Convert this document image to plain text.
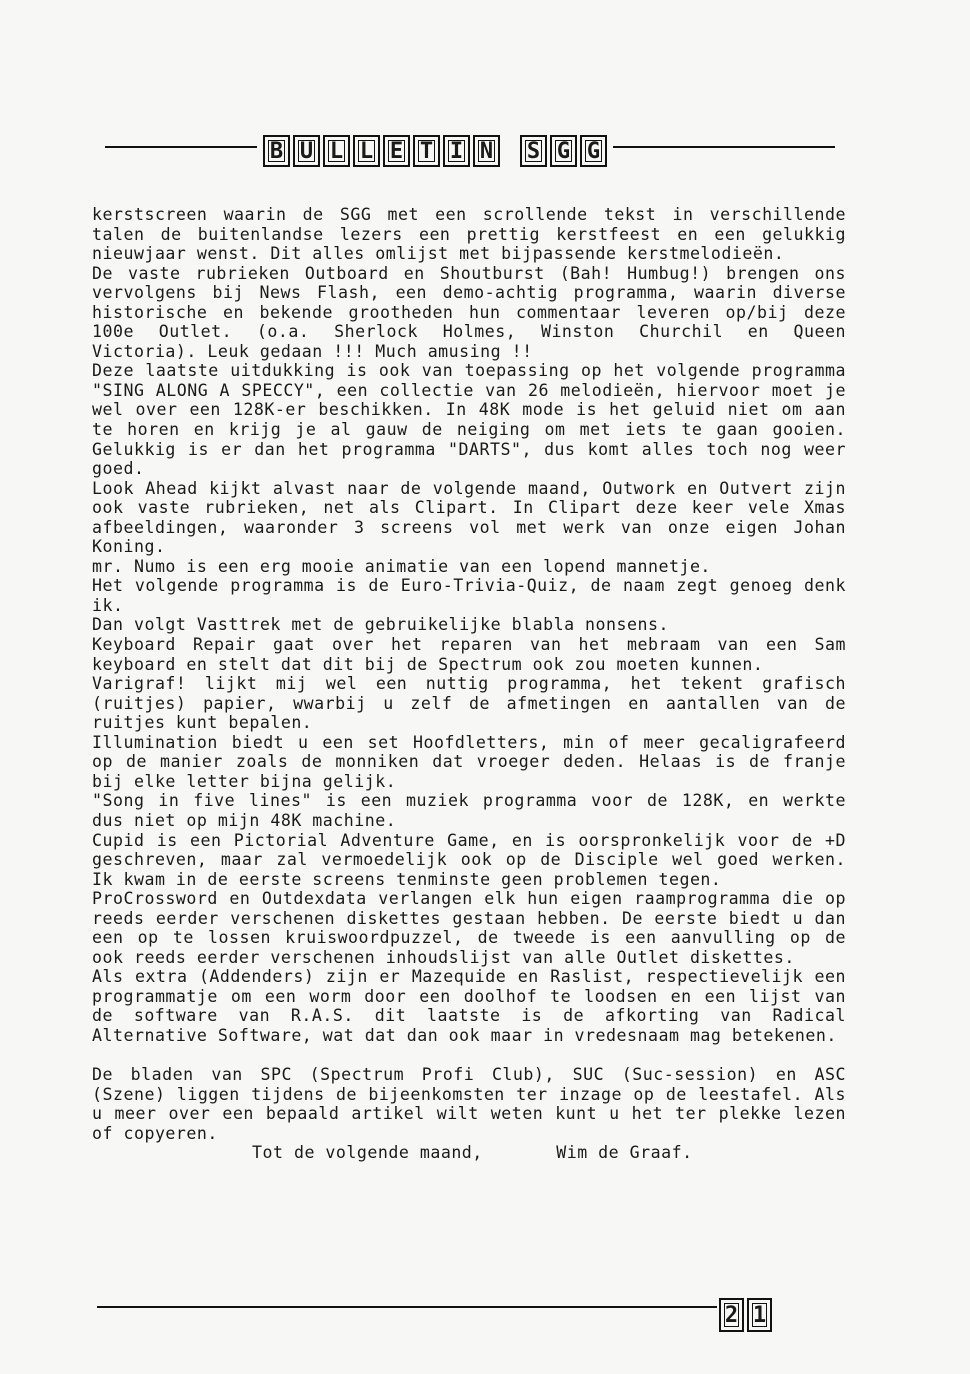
B U L L E T I N	S G G

kerstscreen waarin de SGG met een scrollende tekst in verschillende talen de buitenlandse lezers een prettig kerstfeest en een gelukkig nieuwjaar wenst. Dit alles omlijst met bijpassende kerstmelodieën.

De vaste rubrieken Outboard en Shoutburst (Bah! Humbug!) brengen ons vervolgens bij News Flash, een demo-achtig programma, waarin diverse historische en bekende grootheden hun commentaar leveren op/bij deze 100e Outlet. (o.a. Sherlock Holmes, Winston Churchil en Queen Victoria). Leuk gedaan !!! Much amusing !!

Deze laatste uitdukking is ook van toepassing op het volgende programma "SING ALONG A SPECCY", een collectie van 26 melodieën, hiervoor moet je wel over een 128K-er beschikken. In 48K mode is het geluid niet om aan te horen en krijg je al gauw de neiging om met iets te gaan gooien. Gelukkig is er dan het programma "DARTS", dus komt alles toch nog weer goed.

Look Ahead kijkt alvast naar de volgende maand, Outwork en Outvert zijn ook vaste rubrieken, net als Clipart. In Clipart deze keer vele Xmas afbeeldingen, waaronder 3 screens vol met werk van onze eigen Johan Koning.

mr. Numo is een erg mooie animatie van een lopend mannetje.

Het volgende programma is de Euro-Trivia-Quiz, de naam zegt genoeg denk ik.

Dan volgt Vasttrek met de gebruikelijke blabla nonsens.

Keyboard Repair gaat over het reparen van het mebraam van een Sam keyboard en stelt dat dit bij de Spectrum ook zou moeten kunnen.

Varigraf! lijkt mij wel een nuttig programma, het tekent grafisch (ruitjes) papier, wwarbij u zelf de afmetingen en aantallen van de ruitjes kunt bepalen.

Illumination biedt u een set Hoofdletters, min of meer gecaligrafeerd op de manier zoals de monniken dat vroeger deden. Helaas is de franje bij elke letter bijna gelijk.

"Song in five lines" is een muziek programma voor de 128K, en werkte dus niet op mijn 48K machine.

Cupid is een Pictorial Adventure Game, en is oorspronkelijk voor de +D geschreven, maar zal vermoedelijk ook op de Disciple wel goed werken. Ik kwam in de eerste screens tenminste geen problemen tegen.

ProCrossword en Outdexdata verlangen elk hun eigen raamprogramma die op reeds eerder verschenen diskettes gestaan hebben. De eerste biedt u dan een op te lossen kruiswoordpuzzel, de tweede is een aanvulling op de ook reeds eerder verschenen inhoudslijst van alle Outlet diskettes.

Als extra (Addenders) zijn er Mazequide en Raslist, respectievelijk een programmatje om een worm door een doolhof te loodsen en een lijst van de software van R.A.S. dit laatste is de afkorting van Radical Alternative Software, wat dat dan ook maar in vredesnaam mag betekenen.

De bladen van SPC (Spectrum Profi Club), SUC (Suc-session) en ASC (Szene) liggen tijdens de bijeenkomsten ter inzage op de leestafel. Als u meer over een bepaald artikel wilt weten kunt u het ter plekke lezen of copyeren.

Tot de volgende maand,       Wim de Graaf.

2 1
